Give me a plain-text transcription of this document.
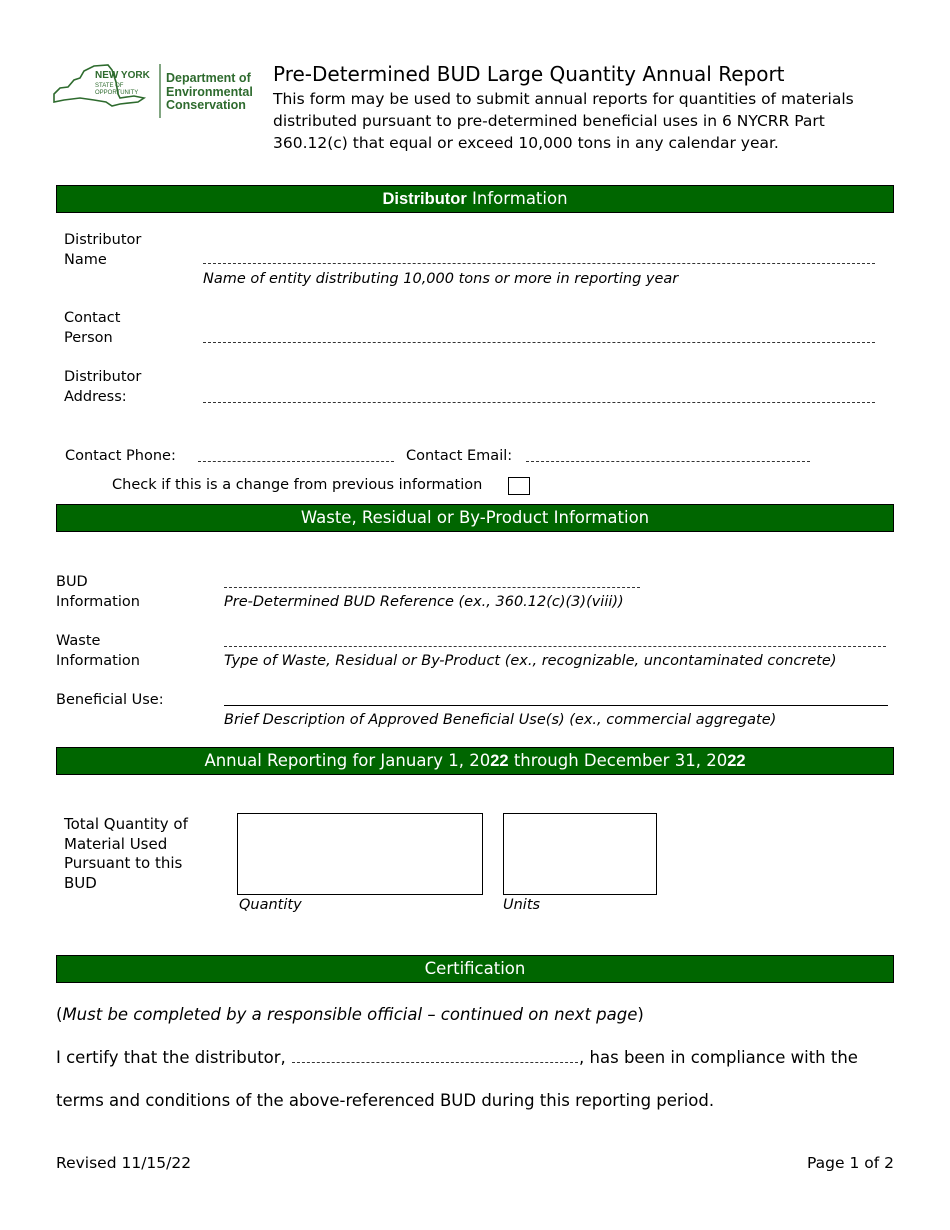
NEW YORK
STATE OF
OPPORTUNITY
Department of
Environmental
Conservation
Pre-Determined BUD Large Quantity Annual Report
This form may be used to submit annual reports for quantities of materials distributed pursuant to pre-determined beneficial uses in 6 NYCRR Part 360.12(c) that equal or exceed 10,000 tons in any calendar year.
Distributor Information
Distributor
Name
Name of entity distributing 10,000 tons or more in reporting year
Contact
Person
Distributor
Address:
Contact Phone:	Contact Email:
Check if this is a change from previous information
Waste, Residual or By-Product Information
BUD
Information	Pre-Determined BUD Reference (ex., 360.12(c)(3)(viii))
Waste
Information	Type of Waste, Residual or By-Product (ex., recognizable, uncontaminated concrete)
Beneficial Use:
Brief Description of Approved Beneficial Use(s) (ex., commercial aggregate)
Annual Reporting for January 1, 2022 through December 31, 2022
Total Quantity of Material Used Pursuant to this BUD
Quantity	Units
Certification
(Must be completed by a responsible official – continued on next page)
I certify that the distributor,	, has been in compliance with the
terms and conditions of the above-referenced BUD during this reporting period.
Revised 11/15/22	Page 1 of 2
